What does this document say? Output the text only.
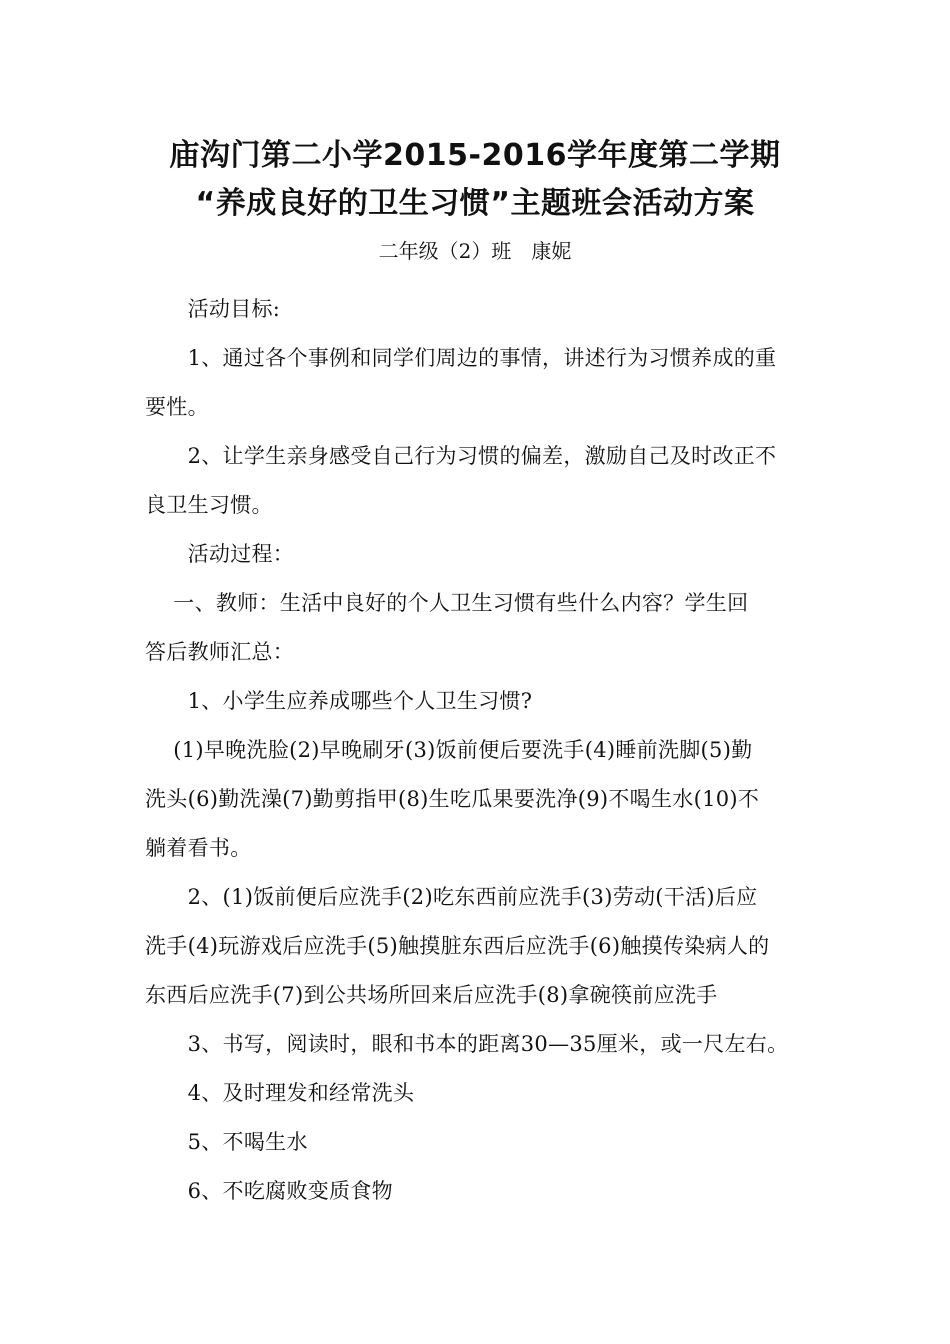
庙沟门第二小学2015-2016学年度第二学期
“养成良好的卫生习惯”主题班会活动方案
二年级（2）班　康妮
　　活动目标:
　　1、通过各个事例和同学们周边的事情，讲述行为习惯养成的重
要性。
　　2、让学生亲身感受自己行为习惯的偏差，激励自己及时改正不
良卫生习惯。
　　活动过程：
　 一、教师：生活中良好的个人卫生习惯有些什么内容？学生回
答后教师汇总：
　　1、小学生应养成哪些个人卫生习惯?
　 (1)早晚洗脸(2)早晚刷牙(3)饭前便后要洗手(4)睡前洗脚(5)勤
洗头(6)勤洗澡(7)勤剪指甲(8)生吃瓜果要洗净(9)不喝生水(10)不
躺着看书。
　　2、(1)饭前便后应洗手(2)吃东西前应洗手(3)劳动(干活)后应
洗手(4)玩游戏后应洗手(5)触摸脏东西后应洗手(6)触摸传染病人的
东西后应洗手(7)到公共场所回来后应洗手(8)拿碗筷前应洗手
　　3、书写，阅读时，眼和书本的距离30—35厘米，或一尺左右。
　　4、及时理发和经常洗头
　　5、不喝生水
　　6、不吃腐败变质食物
